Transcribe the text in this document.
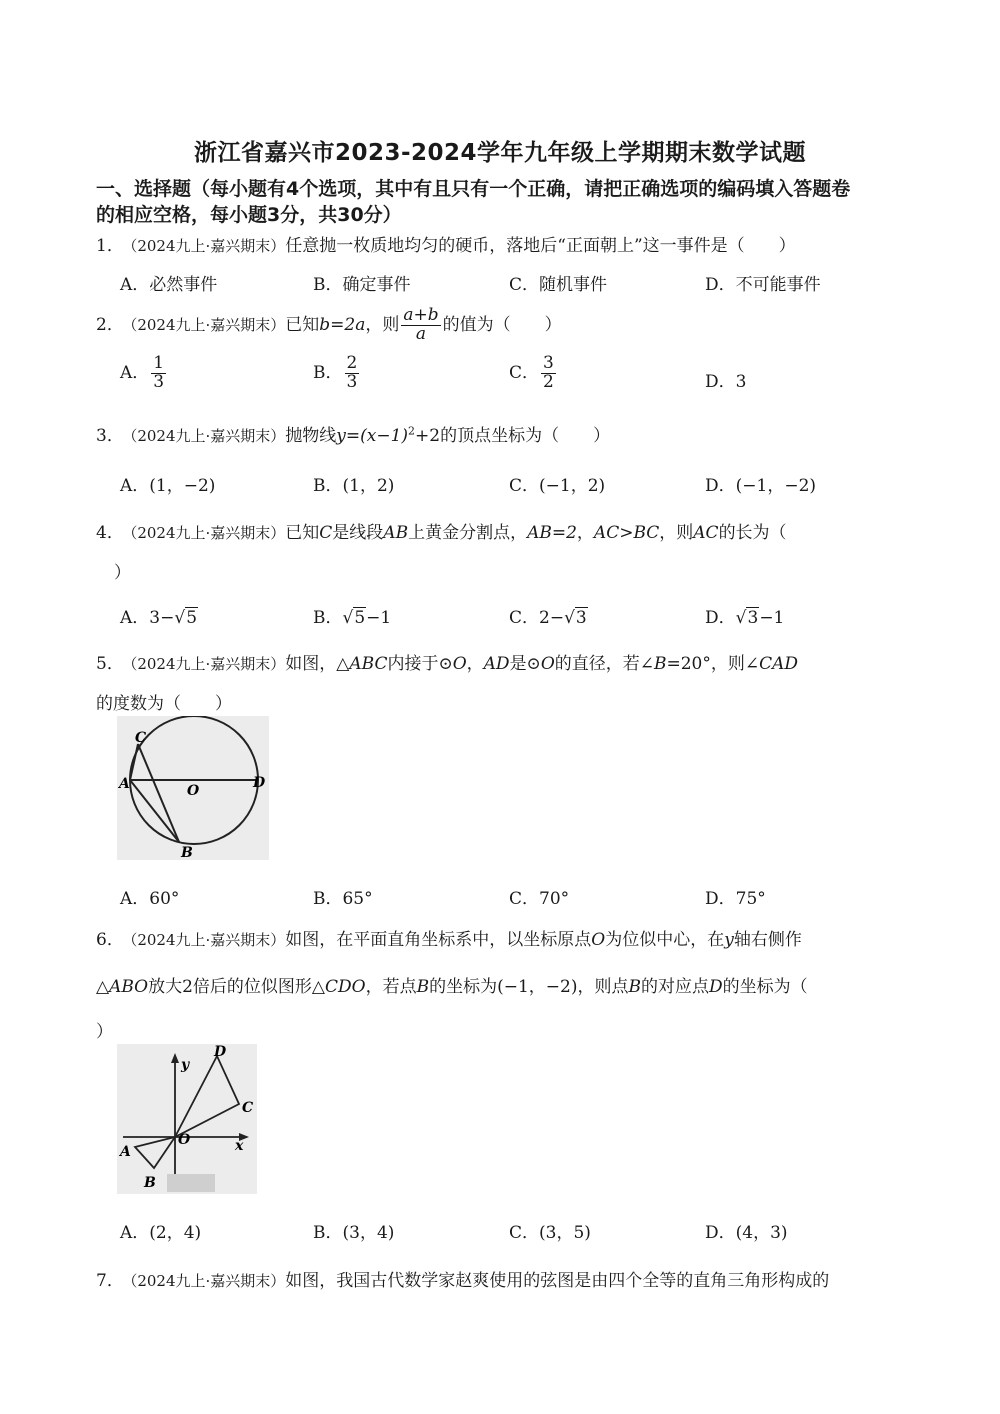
浙江省嘉兴市2023-2024学年九年级上学期期末数学试题
一、选择题（每小题有4个选项，其中有且只有一个正确，请把正确选项的编码填入答题卷
的相应空格，每小题3分，共30分）
1． （2024九上·嘉兴期末）任意抛一枚质地均匀的硬币，落地后“正面朝上”这一事件是（　　）
A．必然事件	B．确定事件	C．随机事件	D．不可能事件
2． （2024九上·嘉兴期末）已知b=2a，则 $\frac{a+b}{a}$ 的值为（　　）
A． $\frac{1}{3}$	B． $\frac{2}{3}$	C． $\frac{3}{2}$	D．3
3． （2024九上·嘉兴期末）抛物线$y=(x-1)^2+2$的顶点坐标为（　　）
A．(1，−2)	B．(1，2)	C．(−1，2)	D．(−1，−2)
4． （2024九上·嘉兴期末）已知C是线段AB上黄金分割点，AB=2，AC>BC，则AC的长为（
）
A．3−√5	B．√5−1	C．2−√3	D．√3−1
5． （2024九上·嘉兴期末）如图，△ABC内接于⊙O，AD是⊙O的直径，若∠B=20°，则∠CAD
的度数为（　　）
C
A	O	D
B
A．60°	B．65°	C．70°	D．75°
6． （2024九上·嘉兴期末）如图，在平面直角坐标系中，以坐标原点O为位似中心，在y轴右侧作
△ABO放大2倍后的位似图形△CDO，若点B的坐标为(−1，−2)，则点B的对应点D的坐标为（
）
y
D
C
O	x
A
B
A．(2，4)	B．(3，4)	C．(3，5)	D．(4，3)
7． （2024九上·嘉兴期末）如图，我国古代数学家赵爽使用的弦图是由四个全等的直角三角形构成的
